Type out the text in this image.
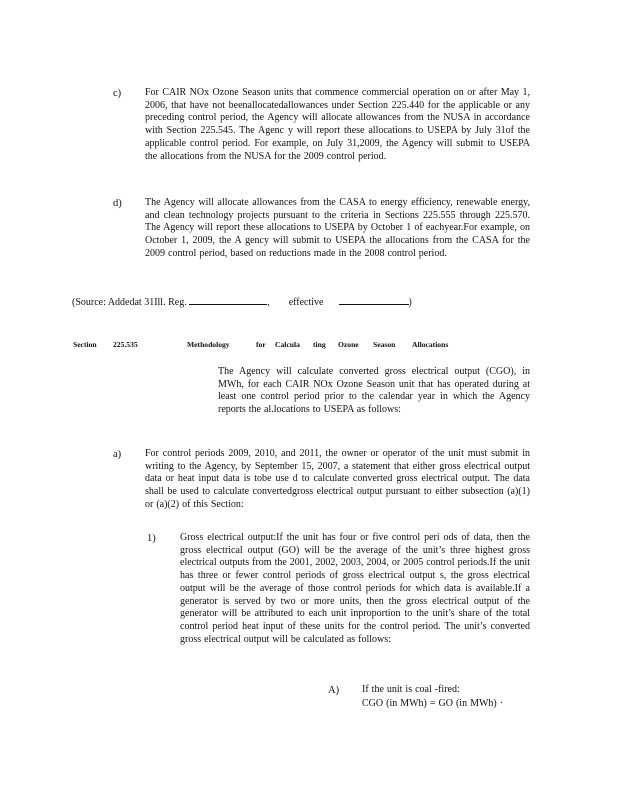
c) For CAIR NOx Ozone Season units that commence commercial operation on or after May 1, 2006, that have not beenallocatedallowances under Section 225.440 for the applicable or any preceding control period, the Agency will allocate allowances from the NUSA in accordance with Section 225.545. The Agenc y will report these allocations to USEPA by July 31of the applicable control period. For example, on July 31,2009, the Agency will submit to USEPA the allocations from the NUSA for the 2009 control period.
d) The Agency will allocate allowances from the CASA to energy efficiency, renewable energy, and clean technology projects pursuant to the criteria in Sections 225.555 through 225.570. The Agency will report these allocations to USEPA by October 1 of eachyear.For example, on October 1, 2009, the A gency will submit to USEPA the allocations from the CASA for the 2009 control period, based on reductions made in the 2008 control period.
(Source: Addedat 31Ill. Reg.	, effective	)
Section 225.535	Methodology	for Calcula ting Ozone Season Allocations
The Agency will calculate converted gross electrical output (CGO), in MWh, for each CAIR NOx Ozone Season unit that has operated during at least one control period prior to the calendar year in which the Agency reports the al.locations to USEPA as follows:
a) For control periods 2009, 2010, and 2011, the owner or operator of the unit must submit in writing to the Agency, by September 15, 2007, a statement that either gross electrical output data or heat input data is tobe use d to calculate converted gross electrical output. The data shall be used to calculate convertedgross electrical output pursuant to either subsection (a)(1) or (a)(2) of this Section:
1) Gross electrical output:If the unit has four or five control peri ods of data, then the gross electrical output (GO) will be the average of the unit’s three highest gross electrical outputs from the 2001, 2002, 2003, 2004, or 2005 control periods.If the unit has three or fewer control periods of gross electrical output s, the gross electrical output will be the average of those control periods for which data is available.If a generator is served by two or more units, then the gross electrical output of the generator will be attributed to each unit inproportion to the unit’s share of the total control period heat input of these units for the control period. The unit’s converted gross electrical output will be calculated as follows:
A) If the unit is coal -fired:
CGO (in MWh) = GO (in MWh) ·
